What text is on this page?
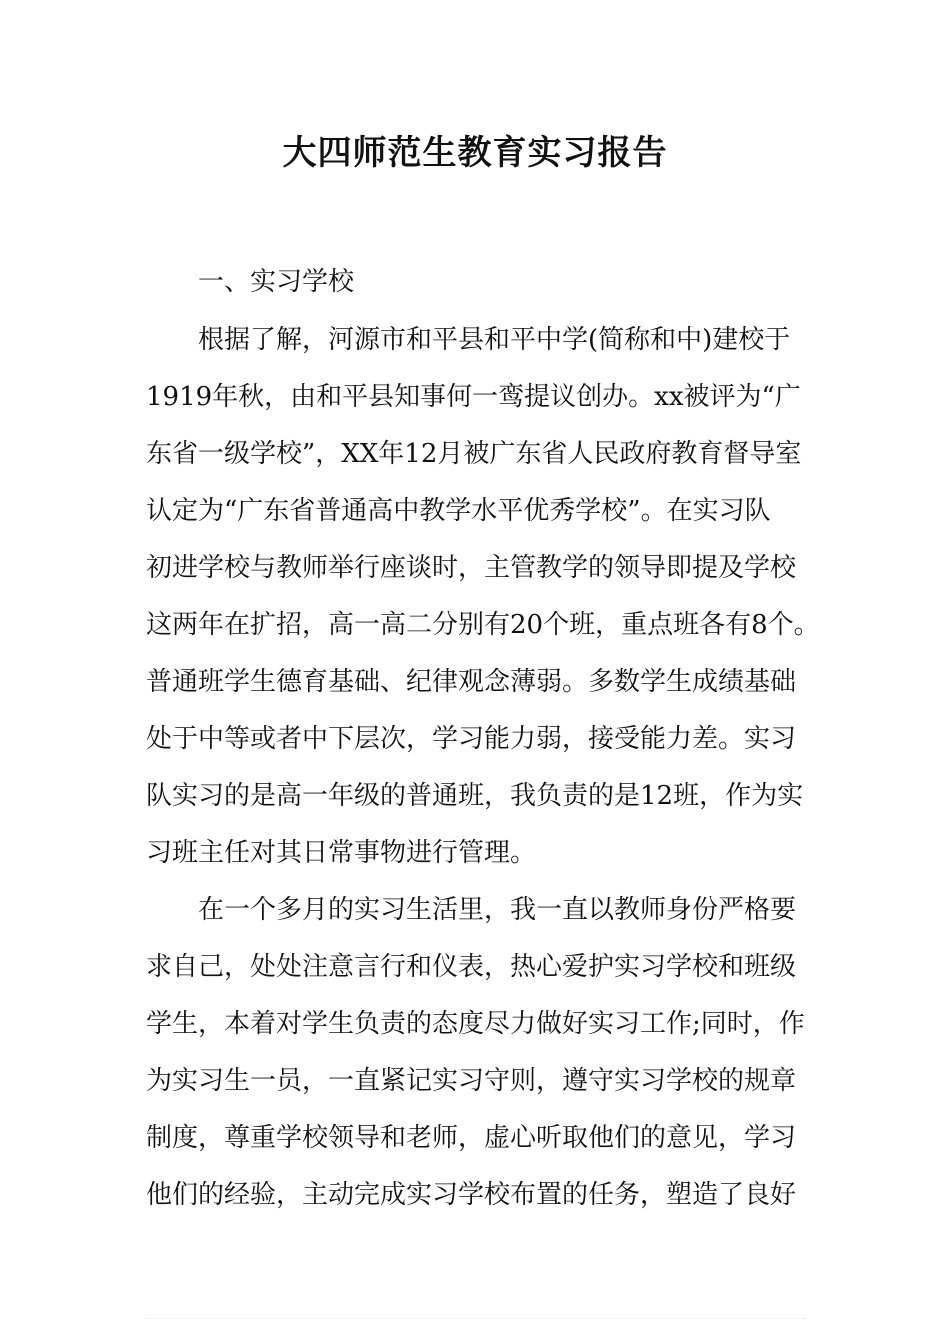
大四师范生教育实习报告

一、实习学校

根据了解，河源市和平县和平中学(简称和中)建校于

1919年秋，由和平县知事何一鸾提议创办。xx被评为“广

东省一级学校”，XX年12月被广东省人民政府教育督导室

认定为“广东省普通高中教学水平优秀学校”。在实习队

初进学校与教师举行座谈时，主管教学的领导即提及学校

这两年在扩招，高一高二分别有20个班，重点班各有8个。

普通班学生德育基础、纪律观念薄弱。多数学生成绩基础

处于中等或者中下层次，学习能力弱，接受能力差。实习

队实习的是高一年级的普通班，我负责的是12班，作为实

习班主任对其日常事物进行管理。

在一个多月的实习生活里，我一直以教师身份严格要

求自己，处处注意言行和仪表，热心爱护实习学校和班级

学生，本着对学生负责的态度尽力做好实习工作;同时，作

为实习生一员，一直紧记实习守则，遵守实习学校的规章

制度，尊重学校领导和老师，虚心听取他们的意见，学习

他们的经验，主动完成实习学校布置的任务，塑造了良好
